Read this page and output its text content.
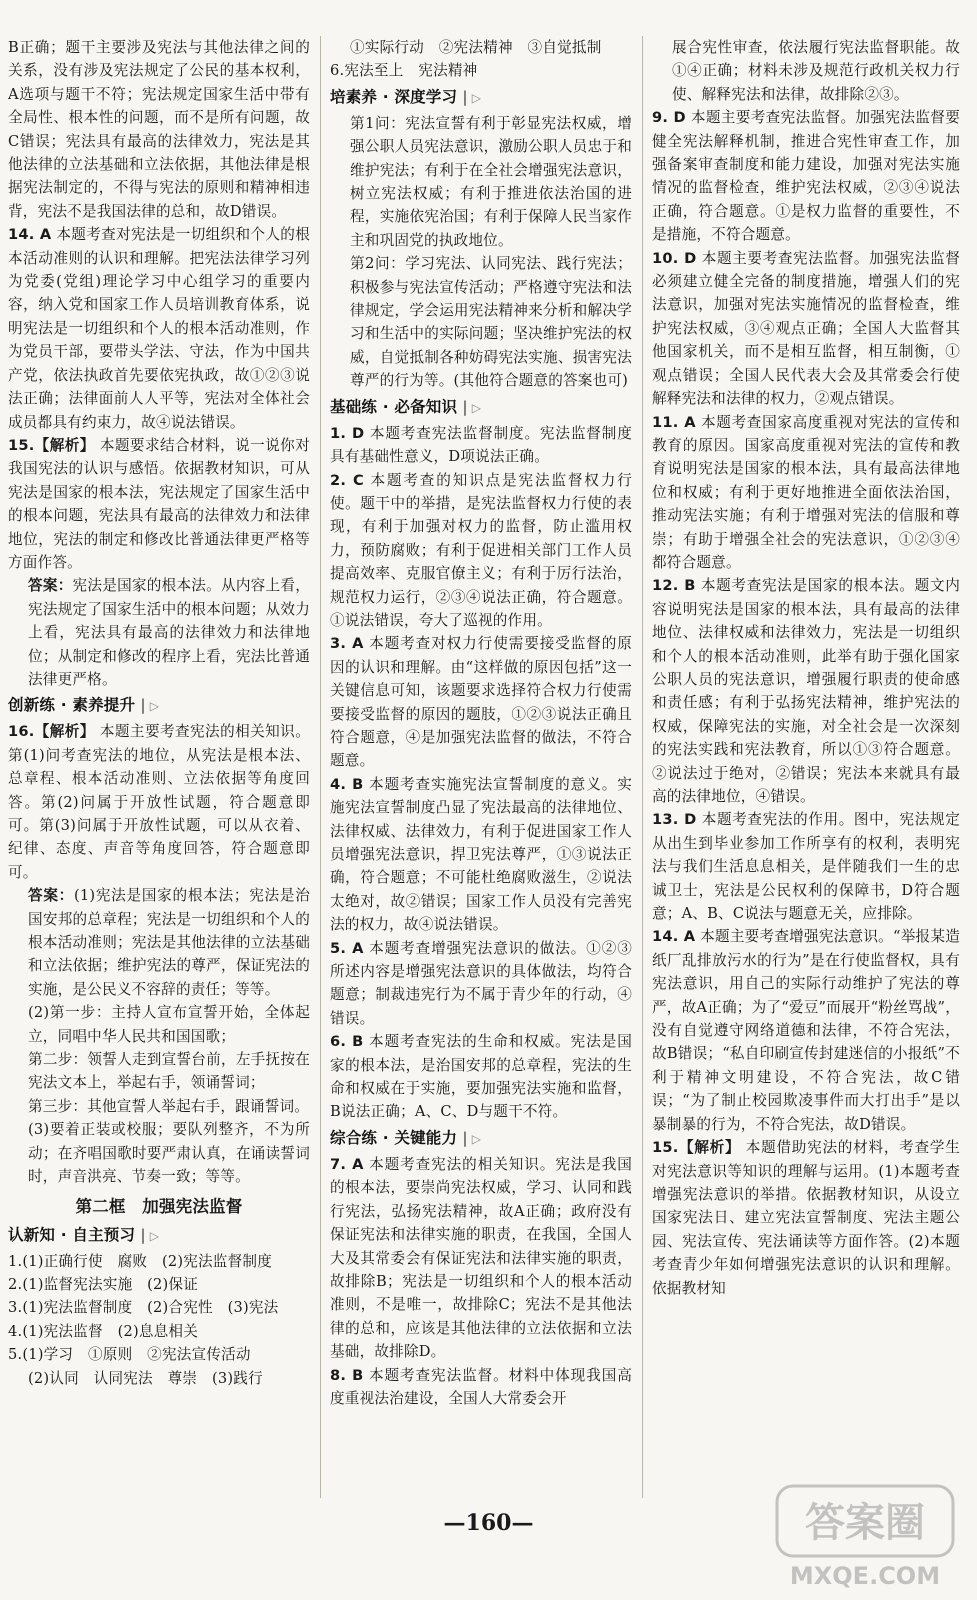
B正确；题干主要涉及宪法与其他法律之间的关系，没有涉及宪法规定了公民的基本权利，A选项与题干不符；宪法规定国家生活中带有全局性、根本性的问题，而不是所有问题，故C错误；宪法具有最高的法律效力，宪法是其他法律的立法基础和立法依据，其他法律是根据宪法制定的，不得与宪法的原则和精神相违背，宪法不是我国法律的总和，故D错误。

14. A 本题考查对宪法是一切组织和个人的根本活动准则的认识和理解。把宪法法律学习列为党委(党组)理论学习中心组学习的重要内容，纳入党和国家工作人员培训教育体系，说明宪法是一切组织和个人的根本活动准则，作为党员干部，要带头学法、守法，作为中国共产党，依法执政首先要依宪执政，故①②③说法正确；法律面前人人平等，宪法对全体社会成员都具有约束力，故④说法错误。

15.【解析】 本题要求结合材料，说一说你对我国宪法的认识与感悟。依据教材知识，可从宪法是国家的根本法，宪法规定了国家生活中的根本问题，宪法具有最高的法律效力和法律地位，宪法的制定和修改比普通法律更严格等方面作答。

答案：宪法是国家的根本法。从内容上看，宪法规定了国家生活中的根本问题；从效力上看，宪法具有最高的法律效力和法律地位；从制定和修改的程序上看，宪法比普通法律更严格。

创新练 · 素养提升 | ▷

16.【解析】 本题主要考查宪法的相关知识。第(1)问考查宪法的地位，从宪法是根本法、总章程、根本活动准则、立法依据等角度回答。第(2)问属于开放性试题，符合题意即可。第(3)问属于开放性试题，可以从衣着、纪律、态度、声音等角度回答，符合题意即可。

答案：(1)宪法是国家的根本法；宪法是治国安邦的总章程；宪法是一切组织和个人的根本活动准则；宪法是其他法律的立法基础和立法依据；维护宪法的尊严，保证宪法的实施，是公民义不容辞的责任；等等。

(2)第一步：主持人宣布宣誓开始，全体起立，同唱中华人民共和国国歌；

第二步：领誓人走到宣誓台前，左手抚按在宪法文本上，举起右手，领诵誓词；

第三步：其他宣誓人举起右手，跟诵誓词。

(3)要着正装或校服；要队列整齐，不为所动；在齐唱国歌时要严肃认真，在诵读誓词时，声音洪亮、节奏一致；等等。

第二框　加强宪法监督
认新知 · 自主预习 | ▷

1.(1)正确行使　腐败　(2)宪法监督制度

2.(1)监督宪法实施　(2)保证

3.(1)宪法监督制度　(2)合宪性　(3)宪法

4.(1)宪法监督　(2)息息相关

5.(1)学习　①原则　②宪法宣传活动

(2)认同　认同宪法　尊崇　(3)践行

①实际行动　②宪法精神　③自觉抵制

6.宪法至上　宪法精神

培素养 · 深度学习 | ▷

第1问：宪法宣誓有利于彰显宪法权威，增强公职人员宪法意识，激励公职人员忠于和维护宪法；有利于在全社会增强宪法意识，树立宪法权威；有利于推进依法治国的进程，实施依宪治国；有利于保障人民当家作主和巩固党的执政地位。

第2问：学习宪法、认同宪法、践行宪法；积极参与宪法宣传活动；严格遵守宪法和法律规定，学会运用宪法精神来分析和解决学习和生活中的实际问题；坚决维护宪法的权威，自觉抵制各种妨碍宪法实施、损害宪法尊严的行为等。(其他符合题意的答案也可)

基础练 · 必备知识 | ▷

1. D 本题考查宪法监督制度。宪法监督制度具有基础性意义，D项说法正确。

2. C 本题考查的知识点是宪法监督权力行使。题干中的举措，是宪法监督权力行使的表现，有利于加强对权力的监督，防止滥用权力，预防腐败；有利于促进相关部门工作人员提高效率、克服官僚主义；有利于厉行法治，规范权力运行，②③④说法正确，符合题意。①说法错误，夸大了巡视的作用。

3. A 本题考查对权力行使需要接受监督的原因的认识和理解。由“这样做的原因包括”这一关键信息可知，该题要求选择符合权力行使需要接受监督的原因的题肢，①②③说法正确且符合题意，④是加强宪法监督的做法，不符合题意。

4. B 本题考查实施宪法宣誓制度的意义。实施宪法宣誓制度凸显了宪法最高的法律地位、法律权威、法律效力，有利于促进国家工作人员增强宪法意识，捍卫宪法尊严，①③说法正确，符合题意；不可能杜绝腐败滋生，②说法太绝对，故②错误；国家工作人员没有完善宪法的权力，故④说法错误。

5. A 本题考查增强宪法意识的做法。①②③所述内容是增强宪法意识的具体做法，均符合题意；制裁违宪行为不属于青少年的行动，④错误。

6. B 本题考查宪法的生命和权威。宪法是国家的根本法，是治国安邦的总章程，宪法的生命和权威在于实施，要加强宪法实施和监督，B说法正确；A、C、D与题干不符。

综合练 · 关键能力 | ▷

7. A 本题考查宪法的相关知识。宪法是我国的根本法，要崇尚宪法权威，学习、认同和践行宪法，弘扬宪法精神，故A正确；政府没有保证宪法和法律实施的职责，在我国，全国人大及其常委会有保证宪法和法律实施的职责，故排除B；宪法是一切组织和个人的根本活动准则，不是唯一，故排除C；宪法不是其他法律的总和，应该是其他法律的立法依据和立法基础，故排除D。

8. B 本题考查宪法监督。材料中体现我国高度重视法治建设，全国人大常委会开

展合宪性审查，依法履行宪法监督职能。故①④正确；材料未涉及规范行政机关权力行使、解释宪法和法律，故排除②③。

9. D 本题主要考查宪法监督。加强宪法监督要健全宪法解释机制，推进合宪性审查工作，加强备案审查制度和能力建设，加强对宪法实施情况的监督检查，维护宪法权威，②③④说法正确，符合题意。①是权力监督的重要性，不是措施，不符合题意。

10. D 本题主要考查宪法监督。加强宪法监督必须建立健全完备的制度措施，增强人们的宪法意识，加强对宪法实施情况的监督检查，维护宪法权威，③④观点正确；全国人大监督其他国家机关，而不是相互监督，相互制衡，①观点错误；全国人民代表大会及其常委会行使解释宪法和法律的权力，②观点错误。

11. A 本题考查国家高度重视对宪法的宣传和教育的原因。国家高度重视对宪法的宣传和教育说明宪法是国家的根本法，具有最高法律地位和权威；有利于更好地推进全面依法治国，推动宪法实施；有利于增强对宪法的信服和尊崇；有助于增强全社会的宪法意识，①②③④都符合题意。

12. B 本题考查宪法是国家的根本法。题文内容说明宪法是国家的根本法，具有最高的法律地位、法律权威和法律效力，宪法是一切组织和个人的根本活动准则，此举有助于强化国家公职人员的宪法意识，增强履行职责的使命感和责任感；有利于弘扬宪法精神，维护宪法的权威，保障宪法的实施，对全社会是一次深刻的宪法实践和宪法教育，所以①③符合题意。②说法过于绝对，②错误；宪法本来就具有最高的法律地位，④错误。

13. D 本题考查宪法的作用。图中，宪法规定从出生到毕业参加工作所享有的权利，表明宪法与我们生活息息相关，是伴随我们一生的忠诚卫士，宪法是公民权利的保障书，D符合题意；A、B、C说法与题意无关，应排除。

14. A 本题主要考查增强宪法意识。“举报某造纸厂乱排放污水的行为”是在行使监督权，具有宪法意识，用自己的实际行动维护了宪法的尊严，故A正确；为了“爱豆”而展开“粉丝骂战”，没有自觉遵守网络道德和法律，不符合宪法，故B错误；“私自印刷宣传封建迷信的小报纸”不利于精神文明建设，不符合宪法，故C错误；“为了制止校园欺凌事件而大打出手”是以暴制暴的行为，不符合宪法，故D错误。

15.【解析】 本题借助宪法的材料，考查学生对宪法意识等知识的理解与运用。(1)本题考查增强宪法意识的举措。依据教材知识，从设立国家宪法日、建立宪法宣誓制度、宪法主题公园、宪法宣传、宪法诵读等方面作答。(2)本题考查青少年如何增强宪法意识的认识和理解。依据教材知

—160—	答案圈
MXQE.COM
